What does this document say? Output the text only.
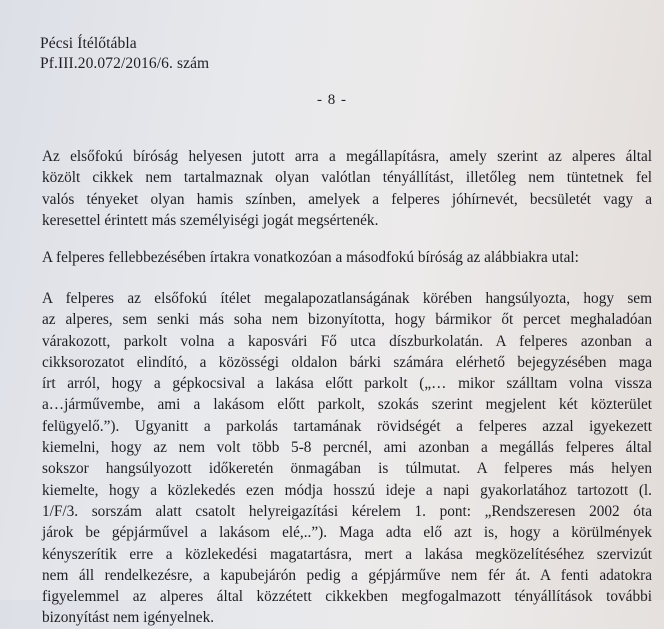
Pécsi Ítélőtábla
Pf.III.20.072/2016/6. szám
- 8 -
Az elsőfokú bíróság helyesen jutott arra a megállapításra, amely szerint az alperes által
közölt cikkek nem tartalmaznak olyan valótlan tényállítást, illetőleg nem tüntetnek fel
valós tényeket olyan hamis színben, amelyek a felperes jóhírnevét, becsületét vagy a
keresettel érintett más személyiségi jogát megsértenék.
A felperes fellebbezésében írtakra vonatkozóan a másodfokú bíróság az alábbiakra utal:
A felperes az elsőfokú ítélet megalapozatlanságának körében hangsúlyozta, hogy sem
az alperes, sem senki más soha nem bizonyította, hogy bármikor őt percet meghaladóan
várakozott, parkolt volna a kaposvári Fő utca díszburkolatán. A felperes azonban a
cikksorozatot elindító, a közösségi oldalon bárki számára elérhető bejegyzésében maga
írt arról, hogy a gépkocsival a lakása előtt parkolt („… mikor szálltam volna vissza
a…járművembe, ami a lakásom előtt parkolt, szokás szerint megjelent két közterület
felügyelő.”). Ugyanitt a parkolás tartamának rövidségét a felperes azzal igyekezett
kiemelni, hogy az nem volt több 5-8 percnél, ami azonban a megállás felperes által
sokszor hangsúlyozott időkeretén önmagában is túlmutat. A felperes más helyen
kiemelte, hogy a közlekedés ezen módja hosszú ideje a napi gyakorlatához tartozott (l.
1/F/3. sorszám alatt csatolt helyreigazítási kérelem 1. pont: „Rendszeresen 2002 óta
járok be gépjárművel a lakásom elé,..”). Maga adta elő azt is, hogy a körülmények
kényszerítik erre a közlekedési magatartásra, mert a lakása megközelítéséhez szervizút
nem áll rendelkezésre, a kapubejárón pedig a gépjárműve nem fér át. A fenti adatokra
figyelemmel az alperes által közzétett cikkekben megfogalmazott tényállítások további
bizonyítást nem igényelnek.
